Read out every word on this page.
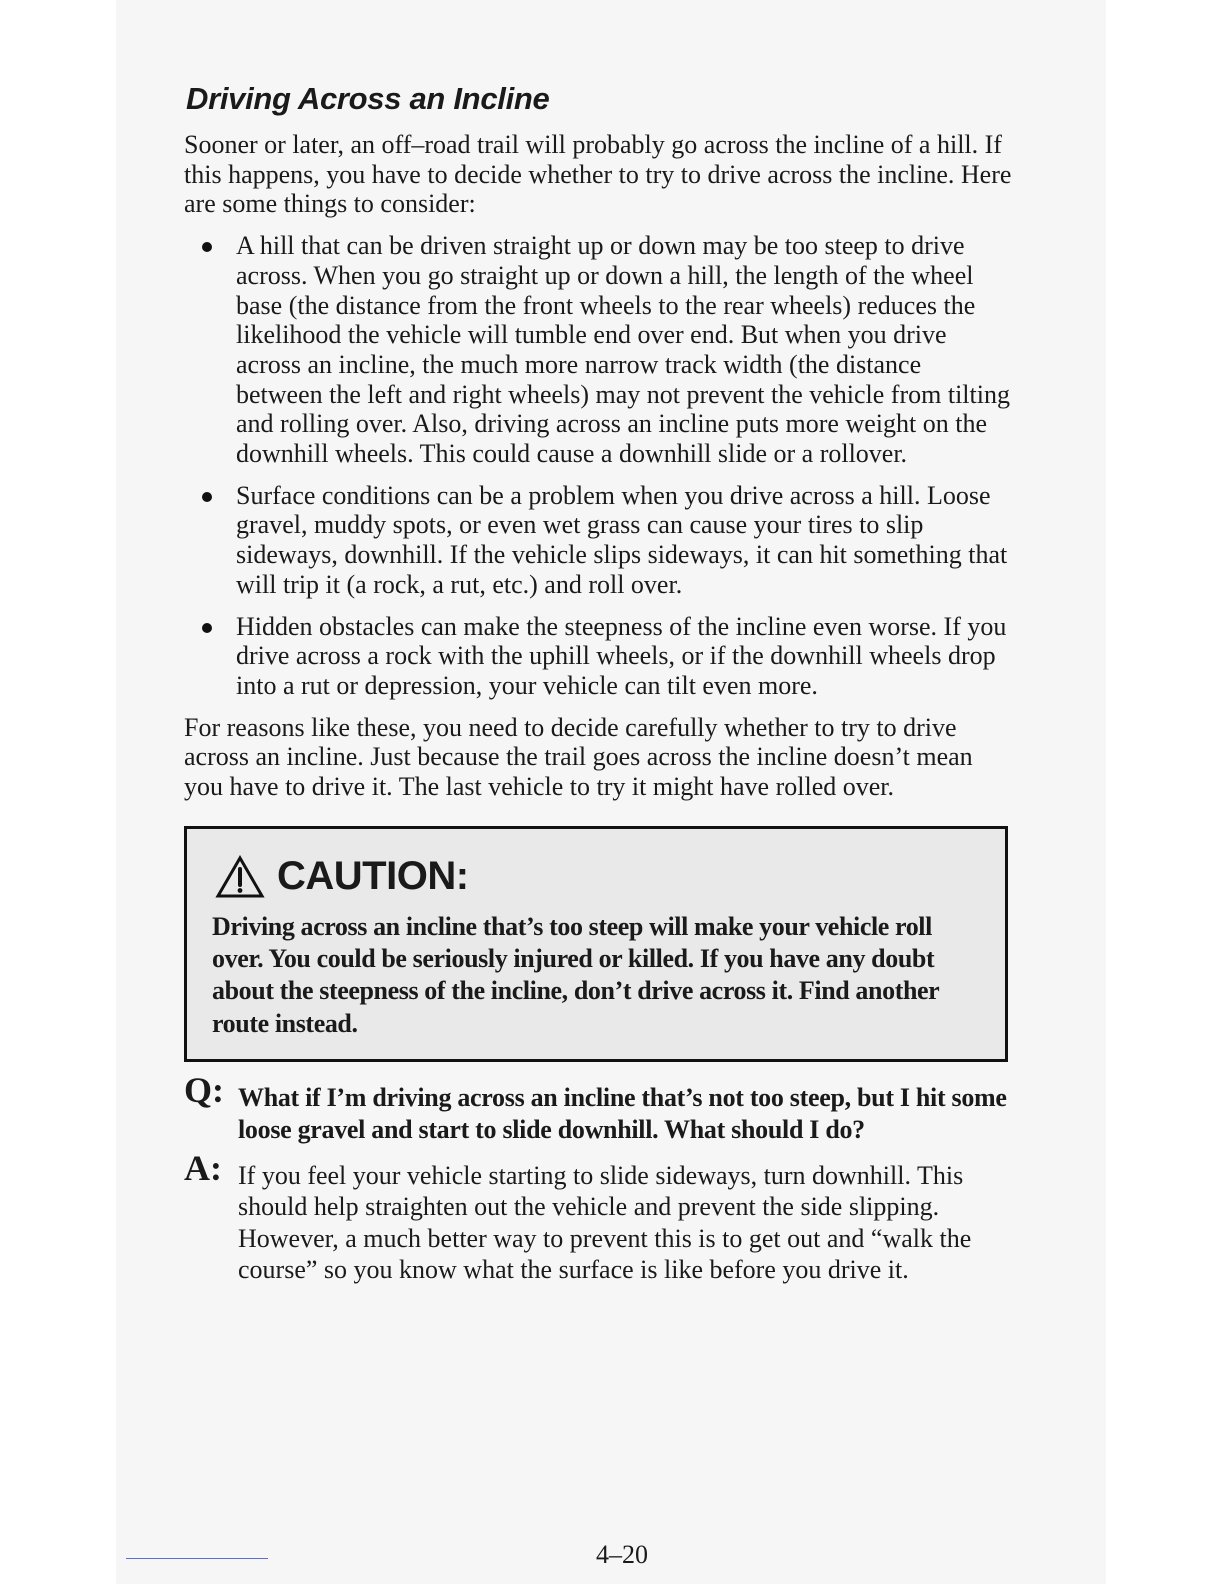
Driving Across an Incline

Sooner or later, an off–road trail will probably go across the incline of a hill. If this happens, you have to decide whether to try to drive across the incline. Here are some things to consider:

A hill that can be driven straight up or down may be too steep to drive across. When you go straight up or down a hill, the length of the wheel base (the distance from the front wheels to the rear wheels) reduces the likelihood the vehicle will tumble end over end. But when you drive across an incline, the much more narrow track width (the distance between the left and right wheels) may not prevent the vehicle from tilting and rolling over. Also, driving across an incline puts more weight on the downhill wheels. This could cause a downhill slide or a rollover.
Surface conditions can be a problem when you drive across a hill. Loose gravel, muddy spots, or even wet grass can cause your tires to slip sideways, downhill. If the vehicle slips sideways, it can hit something that will trip it (a rock, a rut, etc.) and roll over.
Hidden obstacles can make the steepness of the incline even worse. If you drive across a rock with the uphill wheels, or if the downhill wheels drop into a rut or depression, your vehicle can tilt even more.

For reasons like these, you need to decide carefully whether to try to drive across an incline. Just because the trail goes across the incline doesn’t mean you have to drive it. The last vehicle to try it might have rolled over.

CAUTION:
Driving across an incline that’s too steep will make your vehicle roll over. You could be seriously injured or killed. If you have any doubt about the steepness of the incline, don’t drive across it. Find another route instead.
Q: What if I’m driving across an incline that’s not too steep, but I hit some loose gravel and start to slide downhill. What should I do?
A: If you feel your vehicle starting to slide sideways, turn downhill. This should help straighten out the vehicle and prevent the side slipping. However, a much better way to prevent this is to get out and “walk the course” so you know what the surface is like before you drive it.
4–20
